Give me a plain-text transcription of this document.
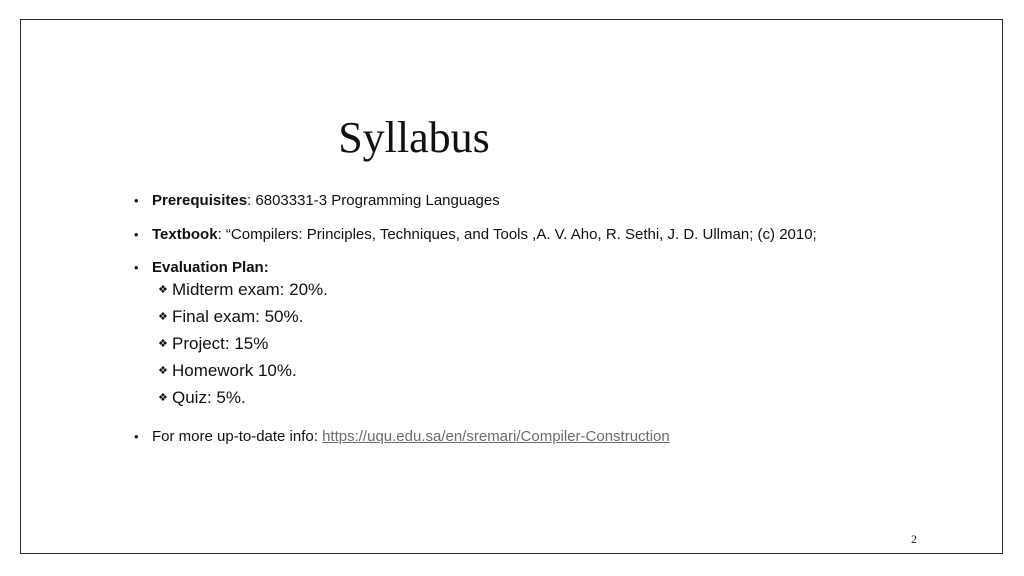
Syllabus
• Prerequisites: 6803331-3 Programming Languages
• Textbook: “Compilers: Principles, Techniques, and Tools ,A. V. Aho, R. Sethi, J. D. Ullman; (c) 2010;
• Evaluation Plan:
❖ Midterm exam: 20%.
❖ Final exam: 50%.
❖ Project: 15%
❖ Homework 10%.
❖ Quiz: 5%.
• For more up-to-date info: https://uqu.edu.sa/en/sremari/Compiler-Construction
2
